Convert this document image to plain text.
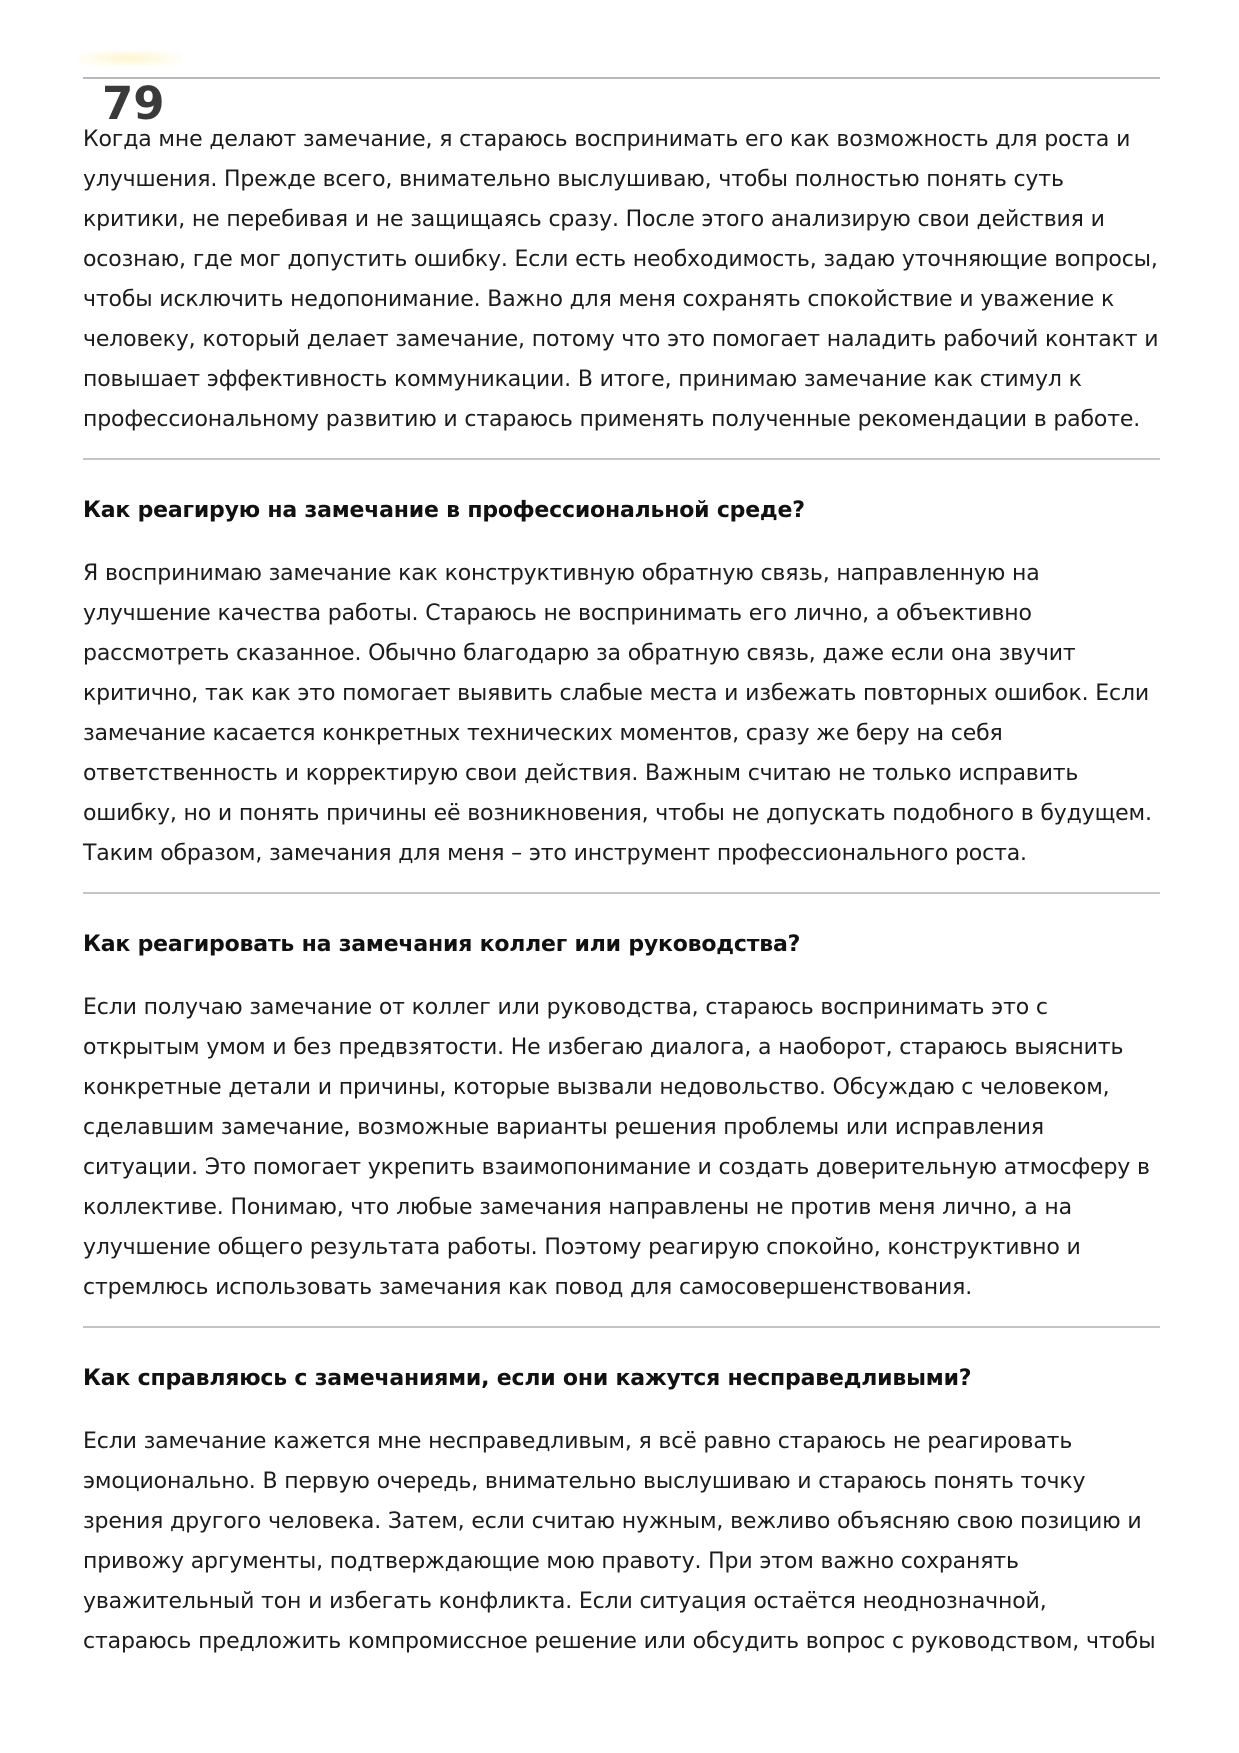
79

Когда мне делают замечание, я стараюсь воспринимать его как возможность для роста и улучшения. Прежде всего, внимательно выслушиваю, чтобы полностью понять суть критики, не перебивая и не защищаясь сразу. После этого анализирую свои действия и осознаю, где мог допустить ошибку. Если есть необходимость, задаю уточняющие вопросы, чтобы исключить недопонимание. Важно для меня сохранять спокойствие и уважение к человеку, который делает замечание, потому что это помогает наладить рабочий контакт и повышает эффективность коммуникации. В итоге, принимаю замечание как стимул к профессиональному развитию и стараюсь применять полученные рекомендации в работе.

Как реагирую на замечание в профессиональной среде?

Я воспринимаю замечание как конструктивную обратную связь, направленную на улучшение качества работы. Стараюсь не воспринимать его лично, а объективно рассмотреть сказанное. Обычно благодарю за обратную связь, даже если она звучит критично, так как это помогает выявить слабые места и избежать повторных ошибок. Если замечание касается конкретных технических моментов, сразу же беру на себя ответственность и корректирую свои действия. Важным считаю не только исправить ошибку, но и понять причины её возникновения, чтобы не допускать подобного в будущем. Таким образом, замечания для меня – это инструмент профессионального роста.

Как реагировать на замечания коллег или руководства?

Если получаю замечание от коллег или руководства, стараюсь воспринимать это с открытым умом и без предвзятости. Не избегаю диалога, а наоборот, стараюсь выяснить конкретные детали и причины, которые вызвали недовольство. Обсуждаю с человеком, сделавшим замечание, возможные варианты решения проблемы или исправления ситуации. Это помогает укрепить взаимопонимание и создать доверительную атмосферу в коллективе. Понимаю, что любые замечания направлены не против меня лично, а на улучшение общего результата работы. Поэтому реагирую спокойно, конструктивно и стремлюсь использовать замечания как повод для самосовершенствования.

Как справляюсь с замечаниями, если они кажутся несправедливыми?

Если замечание кажется мне несправедливым, я всё равно стараюсь не реагировать эмоционально. В первую очередь, внимательно выслушиваю и стараюсь понять точку зрения другого человека. Затем, если считаю нужным, вежливо объясняю свою позицию и привожу аргументы, подтверждающие мою правоту. При этом важно сохранять уважительный тон и избегать конфликта. Если ситуация остаётся неоднозначной, стараюсь предложить компромиссное решение или обсудить вопрос с руководством, чтобы
